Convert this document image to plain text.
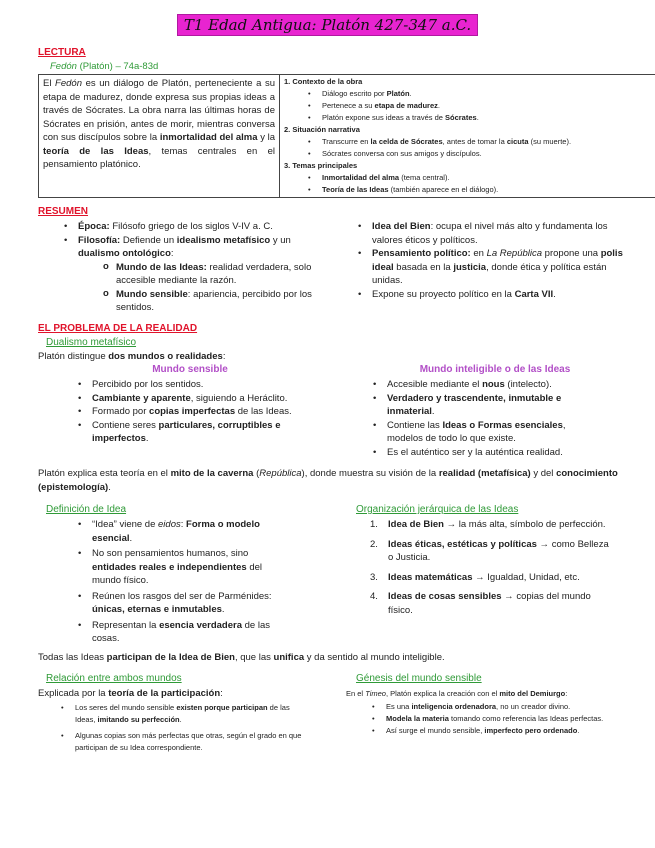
T1 Edad Antigua: Platón 427-347 a.C.
LECTURA
Fedón (Platón) – 74a-83d
El Fedón es un diálogo de Platón, perteneciente a su etapa de madurez, donde expresa sus propias ideas a través de Sócrates. La obra narra las últimas horas de Sócrates en prisión, antes de morir, mientras conversa con sus discípulos sobre la inmortalidad del alma y la teoría de las Ideas, temas centrales en el pensamiento platónico.

1. Contexto de la obra
• Diálogo escrito por Platón.
• Pertenece a su etapa de madurez.
• Platón expone sus ideas a través de Sócrates.
2. Situación narrativa
• Transcurre en la celda de Sócrates, antes de tomar la cicuta (su muerte).
• Sócrates conversa con sus amigos y discípulos.
3. Temas principales
• Inmortalidad del alma (tema central).
• Teoría de las Ideas (también aparece en el diálogo).
RESUMEN
• Época: Filósofo griego de los siglos V-IV a. C.
• Filosofía: Defiende un idealismo metafísico y un dualismo ontológico:
o Mundo de las Ideas: realidad verdadera, solo accesible mediante la razón.
o Mundo sensible: apariencia, percibido por los sentidos.
• Idea del Bien: ocupa el nivel más alto y fundamenta los valores éticos y políticos.
• Pensamiento político: en La República propone una polis ideal basada en la justicia, donde ética y política están unidas.
• Expone su proyecto político en la Carta VII.
EL PROBLEMA DE LA REALIDAD
Dualismo metafísico
Platón distingue dos mundos o realidades:
Mundo sensible
• Percibido por los sentidos.
• Cambiante y aparente, siguiendo a Heráclito.
• Formado por copias imperfectas de las Ideas.
• Contiene seres particulares, corruptibles e imperfectos.
Mundo inteligible o de las Ideas
• Accesible mediante el nous (intelecto).
• Verdadero y trascendente, inmutable e inmaterial.
• Contiene las Ideas o Formas esenciales, modelos de todo lo que existe.
• Es el auténtico ser y la auténtica realidad.
Platón explica esta teoría en el mito de la caverna (República), donde muestra su visión de la realidad (metafísica) y del conocimiento (epistemología).
Definición de Idea
• “Idea” viene de eidos: Forma o modelo esencial.
• No son pensamientos humanos, sino entidades reales e independientes del mundo físico.
• Reúnen los rasgos del ser de Parménides: únicas, eternas e inmutables.
• Representan la esencia verdadera de las cosas.
Organización jerárquica de las Ideas
1. Idea de Bien → la más alta, símbolo de perfección.
2. Ideas éticas, estéticas y políticas → como Belleza o Justicia.
3. Ideas matemáticas → Igualdad, Unidad, etc.
4. Ideas de cosas sensibles → copias del mundo físico.
Todas las Ideas participan de la Idea de Bien, que las unifica y da sentido al mundo inteligible.
Relación entre ambos mundos
Explicada por la teoría de la participación:
• Los seres del mundo sensible existen porque participan de las Ideas, imitando su perfección.
• Algunas copias son más perfectas que otras, según el grado en que participan de su Idea correspondiente.
Génesis del mundo sensible
En el Timeo, Platón explica la creación con el mito del Demiurgo:
• Es una inteligencia ordenadora, no un creador divino.
• Modela la materia tomando como referencia las Ideas perfectas.
• Así surge el mundo sensible, imperfecto pero ordenado.
